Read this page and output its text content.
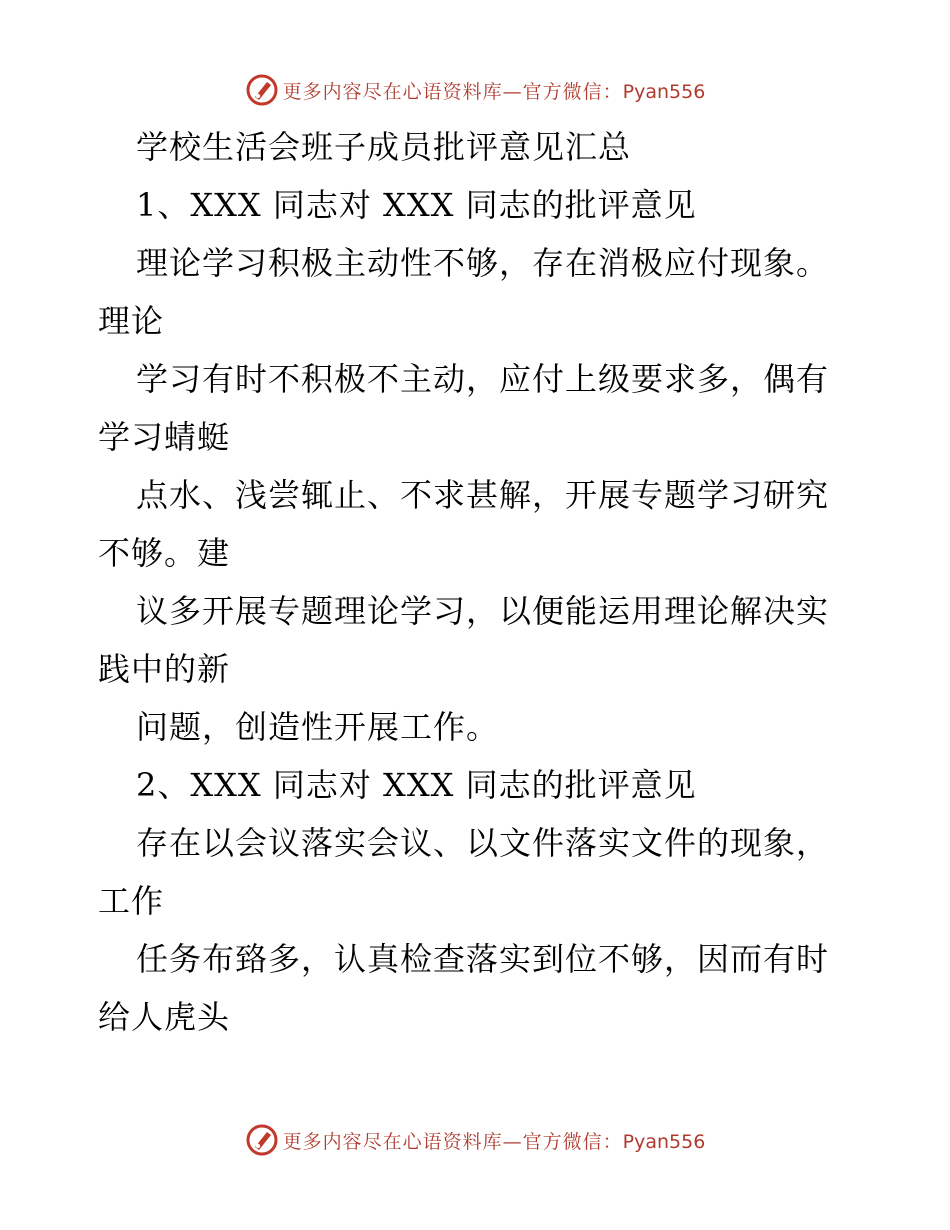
更多内容尽在心语资料库—官方微信：Pyan556
学校生活会班子成员批评意见汇总
1、XXX 同志对 XXX 同志的批评意见
理论学习积极主动性不够，存在消极应付现象。
理论
学习有时不积极不主动，应付上级要求多，偶有
学习蜻蜓
点水、浅尝辄止、不求甚解，开展专题学习研究
不够。建
议多开展专题理论学习，以便能运用理论解决实
践中的新
问题，创造性开展工作。
2、XXX 同志对 XXX 同志的批评意见
存在以会议落实会议、以文件落实文件的现象，
工作
任务布臵多，认真检查落实到位不够，因而有时
给人虎头
更多内容尽在心语资料库—官方微信：Pyan556
